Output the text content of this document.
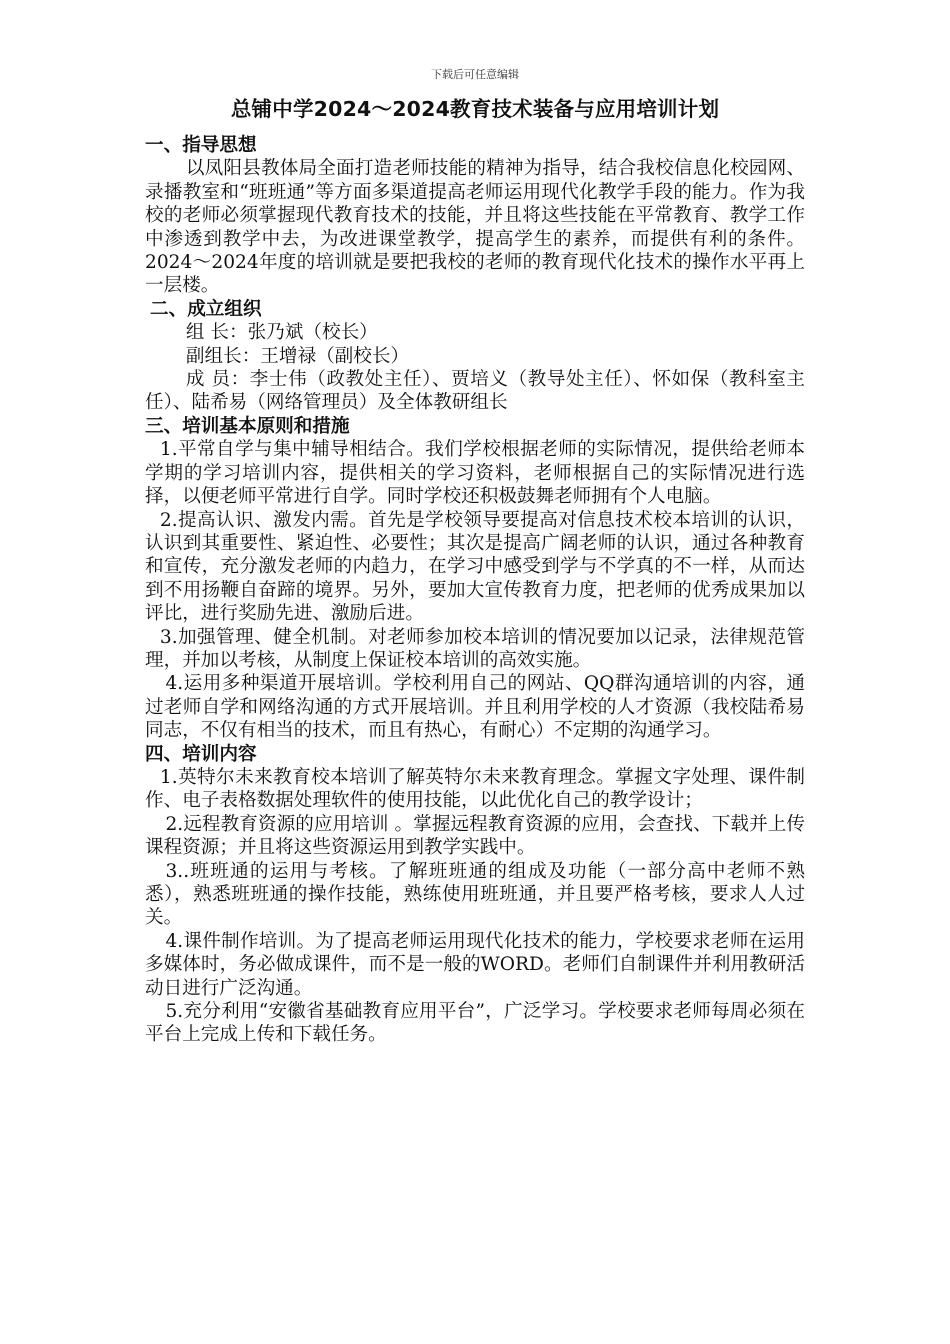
下载后可任意编辑
总铺中学2024～2024教育技术装备与应用培训计划
一、指导思想

以凤阳县教体局全面打造老师技能的精神为指导，结合我校信息化校园网、录播教室和“班班通”等方面多渠道提高老师运用现代化教学手段的能力。作为我校的老师必须掌握现代教育技术的技能，并且将这些技能在平常教育、教学工作中渗透到教学中去，为改进课堂教学，提高学生的素养，而提供有利的条件。2024～2024年度的培训就是要把我校的老师的教育现代化技术的操作水平再上一层楼。

二、成立组织

组 长：张乃斌（校长）

副组长：王增禄（副校长）

成 员：李士伟（政教处主任）、贾培义（教导处主任）、怀如保（教科室主任）、陆希易（网络管理员）及全体教研组长

三、培训基本原则和措施

1.平常自学与集中辅导相结合。我们学校根据老师的实际情况，提供给老师本学期的学习培训内容，提供相关的学习资料，老师根据自己的实际情况进行选择，以便老师平常进行自学。同时学校还积极鼓舞老师拥有个人电脑。

2.提高认识、激发内需。首先是学校领导要提高对信息技术校本培训的认识，认识到其重要性、紧迫性、必要性；其次是提高广阔老师的认识，通过各种教育和宣传，充分激发老师的内趋力，在学习中感受到学与不学真的不一样，从而达到不用扬鞭自奋蹄的境界。另外，要加大宣传教育力度，把老师的优秀成果加以评比，进行奖励先进、激励后进。

3.加强管理、健全机制。对老师参加校本培训的情况要加以记录，法律规范管理，并加以考核，从制度上保证校本培训的高效实施。

4.运用多种渠道开展培训。学校利用自己的网站、QQ群沟通培训的内容，通过老师自学和网络沟通的方式开展培训。并且利用学校的人才资源（我校陆希易同志，不仅有相当的技术，而且有热心，有耐心）不定期的沟通学习。

四、培训内容

1.英特尔未来教育校本培训了解英特尔未来教育理念。掌握文字处理、课件制作、电子表格数据处理软件的使用技能，以此优化自己的教学设计；

2.远程教育资源的应用培训 。掌握远程教育资源的应用，会查找、下载并上传课程资源；并且将这些资源运用到教学实践中。

3..班班通的运用与考核。了解班班通的组成及功能（一部分高中老师不熟悉），熟悉班班通的操作技能，熟练使用班班通，并且要严格考核，要求人人过关。

4.课件制作培训。为了提高老师运用现代化技术的能力，学校要求老师在运用多媒体时，务必做成课件，而不是一般的WORD。老师们自制课件并利用教研活动日进行广泛沟通。

5.充分利用“安徽省基础教育应用平台”，广泛学习。学校要求老师每周必须在平台上完成上传和下载任务。
